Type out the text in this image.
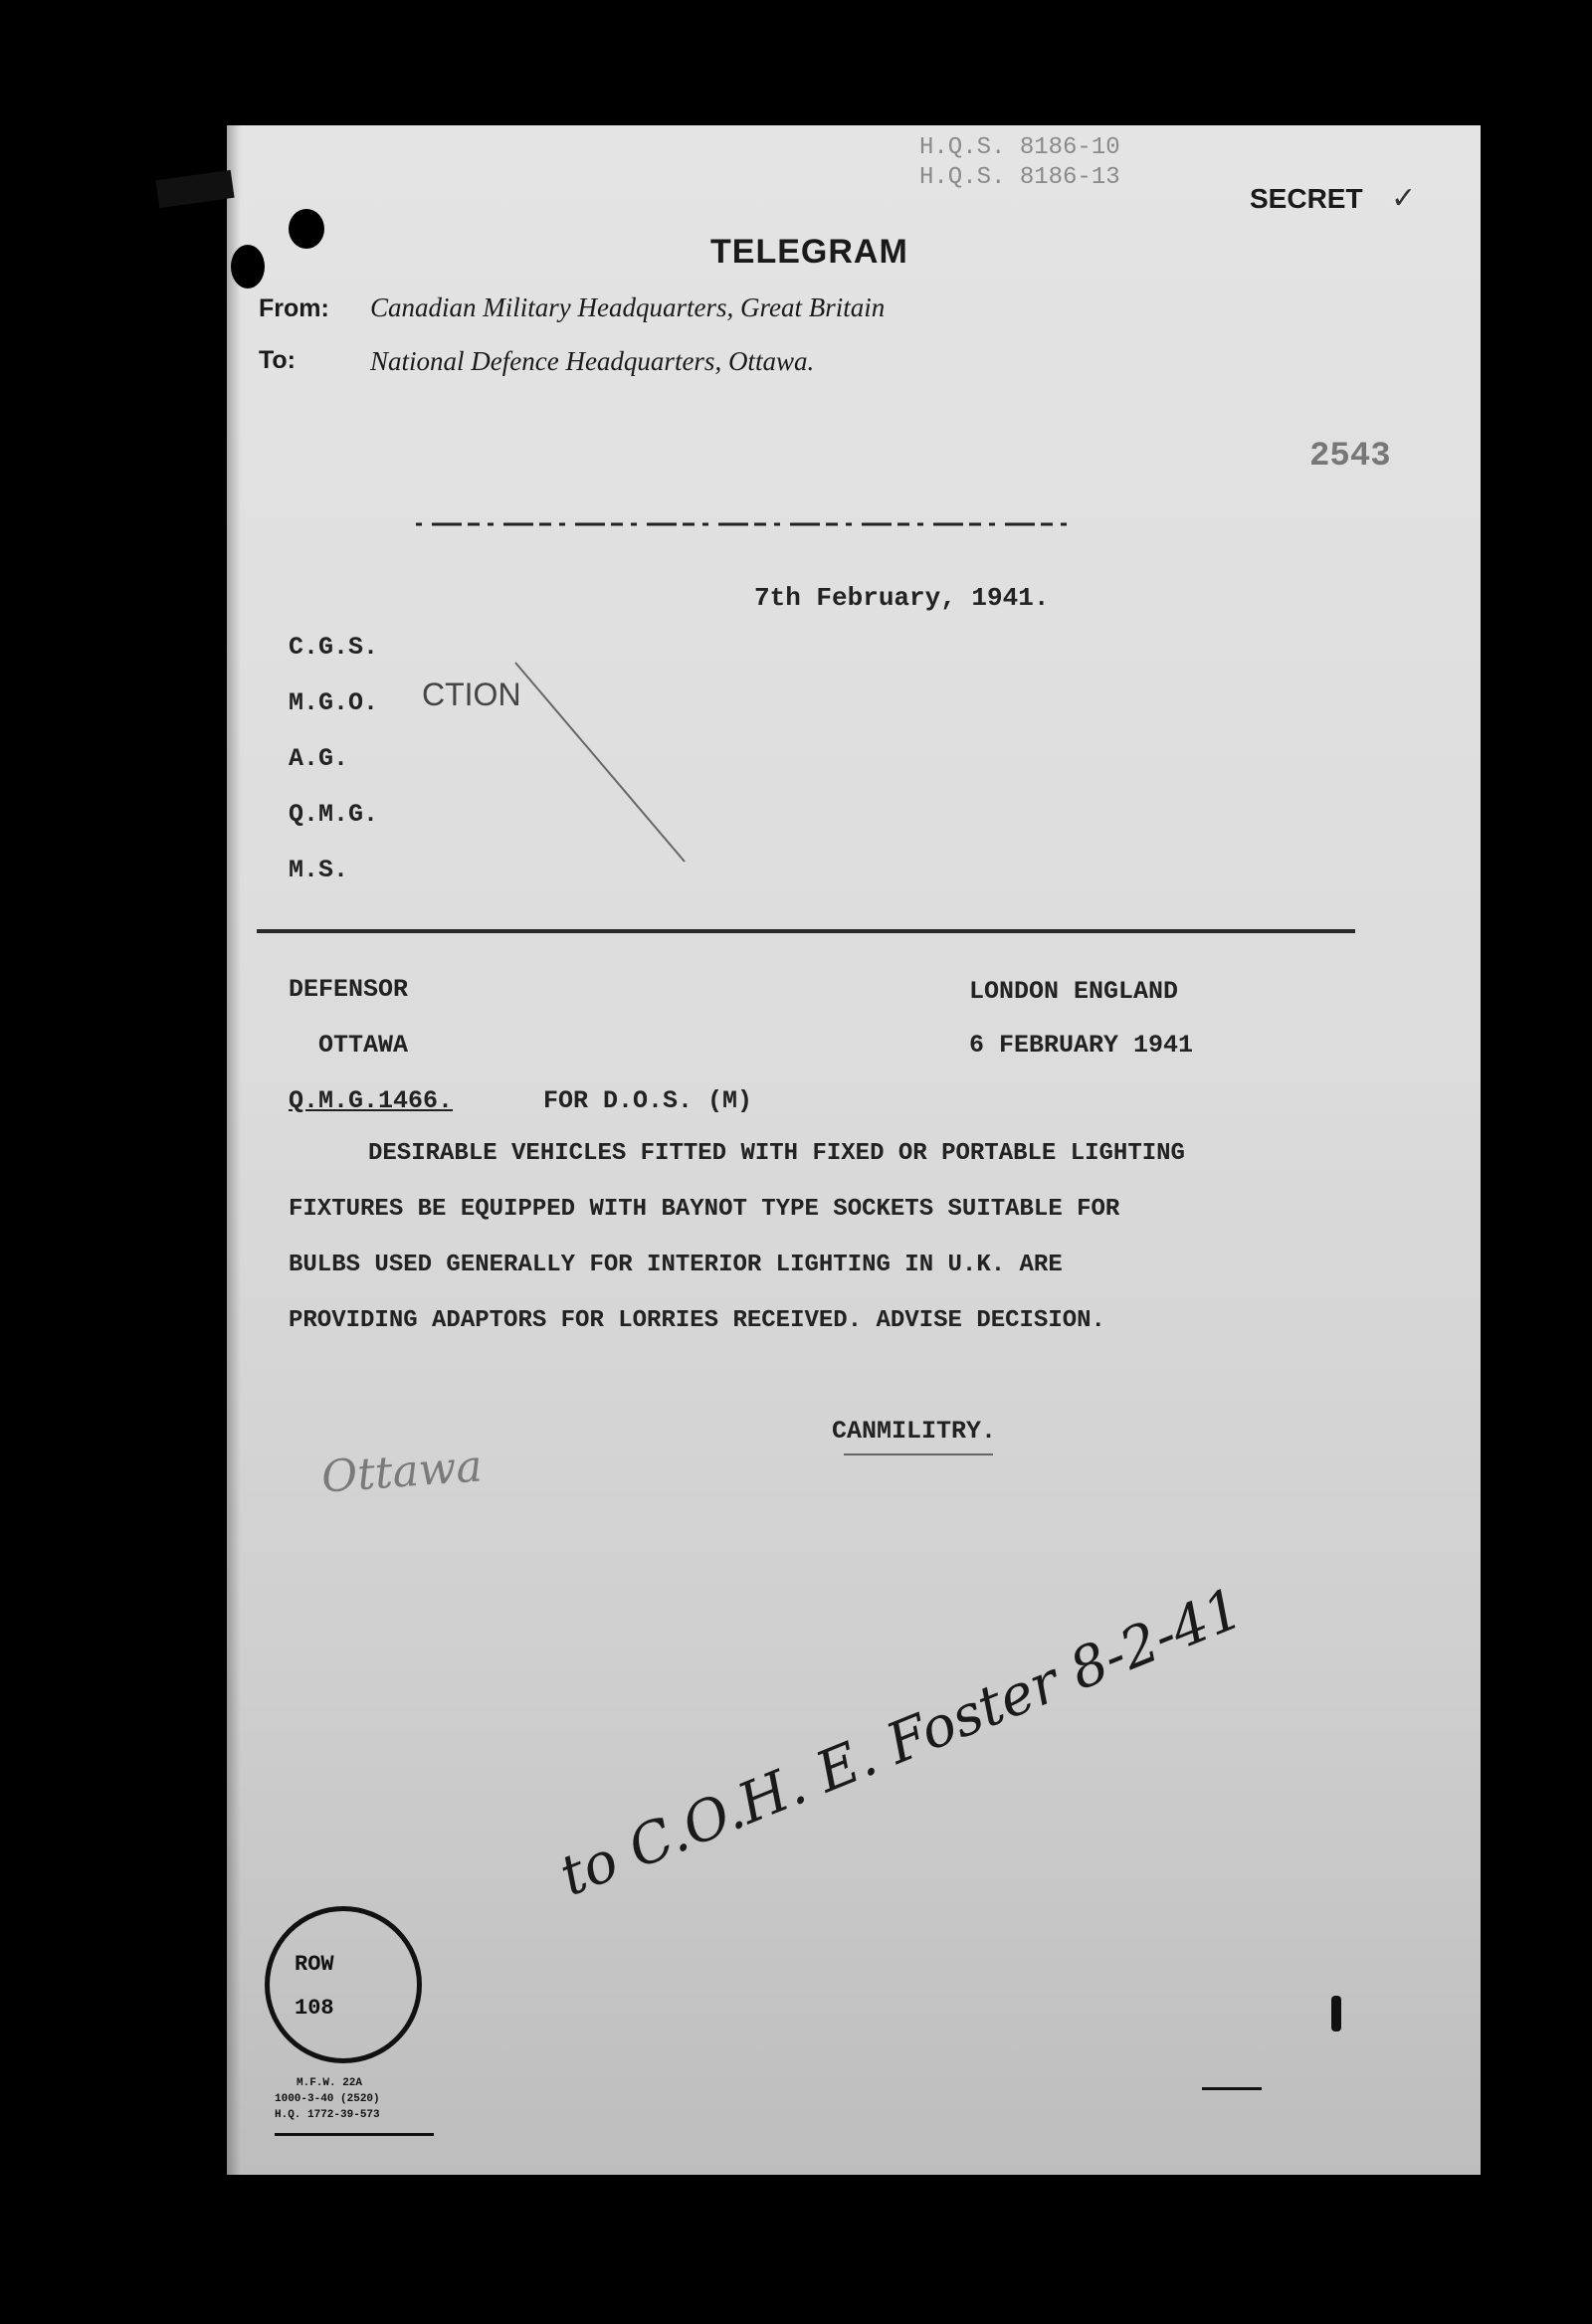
H.Q.S. 8186-10
H.Q.S. 8186-13
SECRET ✓
TELEGRAM
From: Canadian Military Headquarters, Great Britain
To:	National Defence Headquarters, Ottawa.
2543
7th February, 1941.
C.G.S.
M.G.O.
A.G.
Q.M.G.
M.S.
CTION
DEFENSOR
OTTAWA
LONDON ENGLAND
6 FEBRUARY 1941
Q.M.G.1466.	FOR D.O.S. (M)
DESIRABLE VEHICLES FITTED WITH FIXED OR PORTABLE LIGHTING
FIXTURES BE EQUIPPED WITH BAYNOT TYPE SOCKETS SUITABLE FOR
BULBS USED GENERALLY FOR INTERIOR LIGHTING IN U.K. ARE
PROVIDING ADAPTORS FOR LORRIES RECEIVED. ADVISE DECISION.
CANMILITRY.
Ottawa
to C.O.H. E. Foster 8-2-41
ROW
108
M.F.W. 22A
1000-3-40 (2520)
H.Q. 1772-39-573
